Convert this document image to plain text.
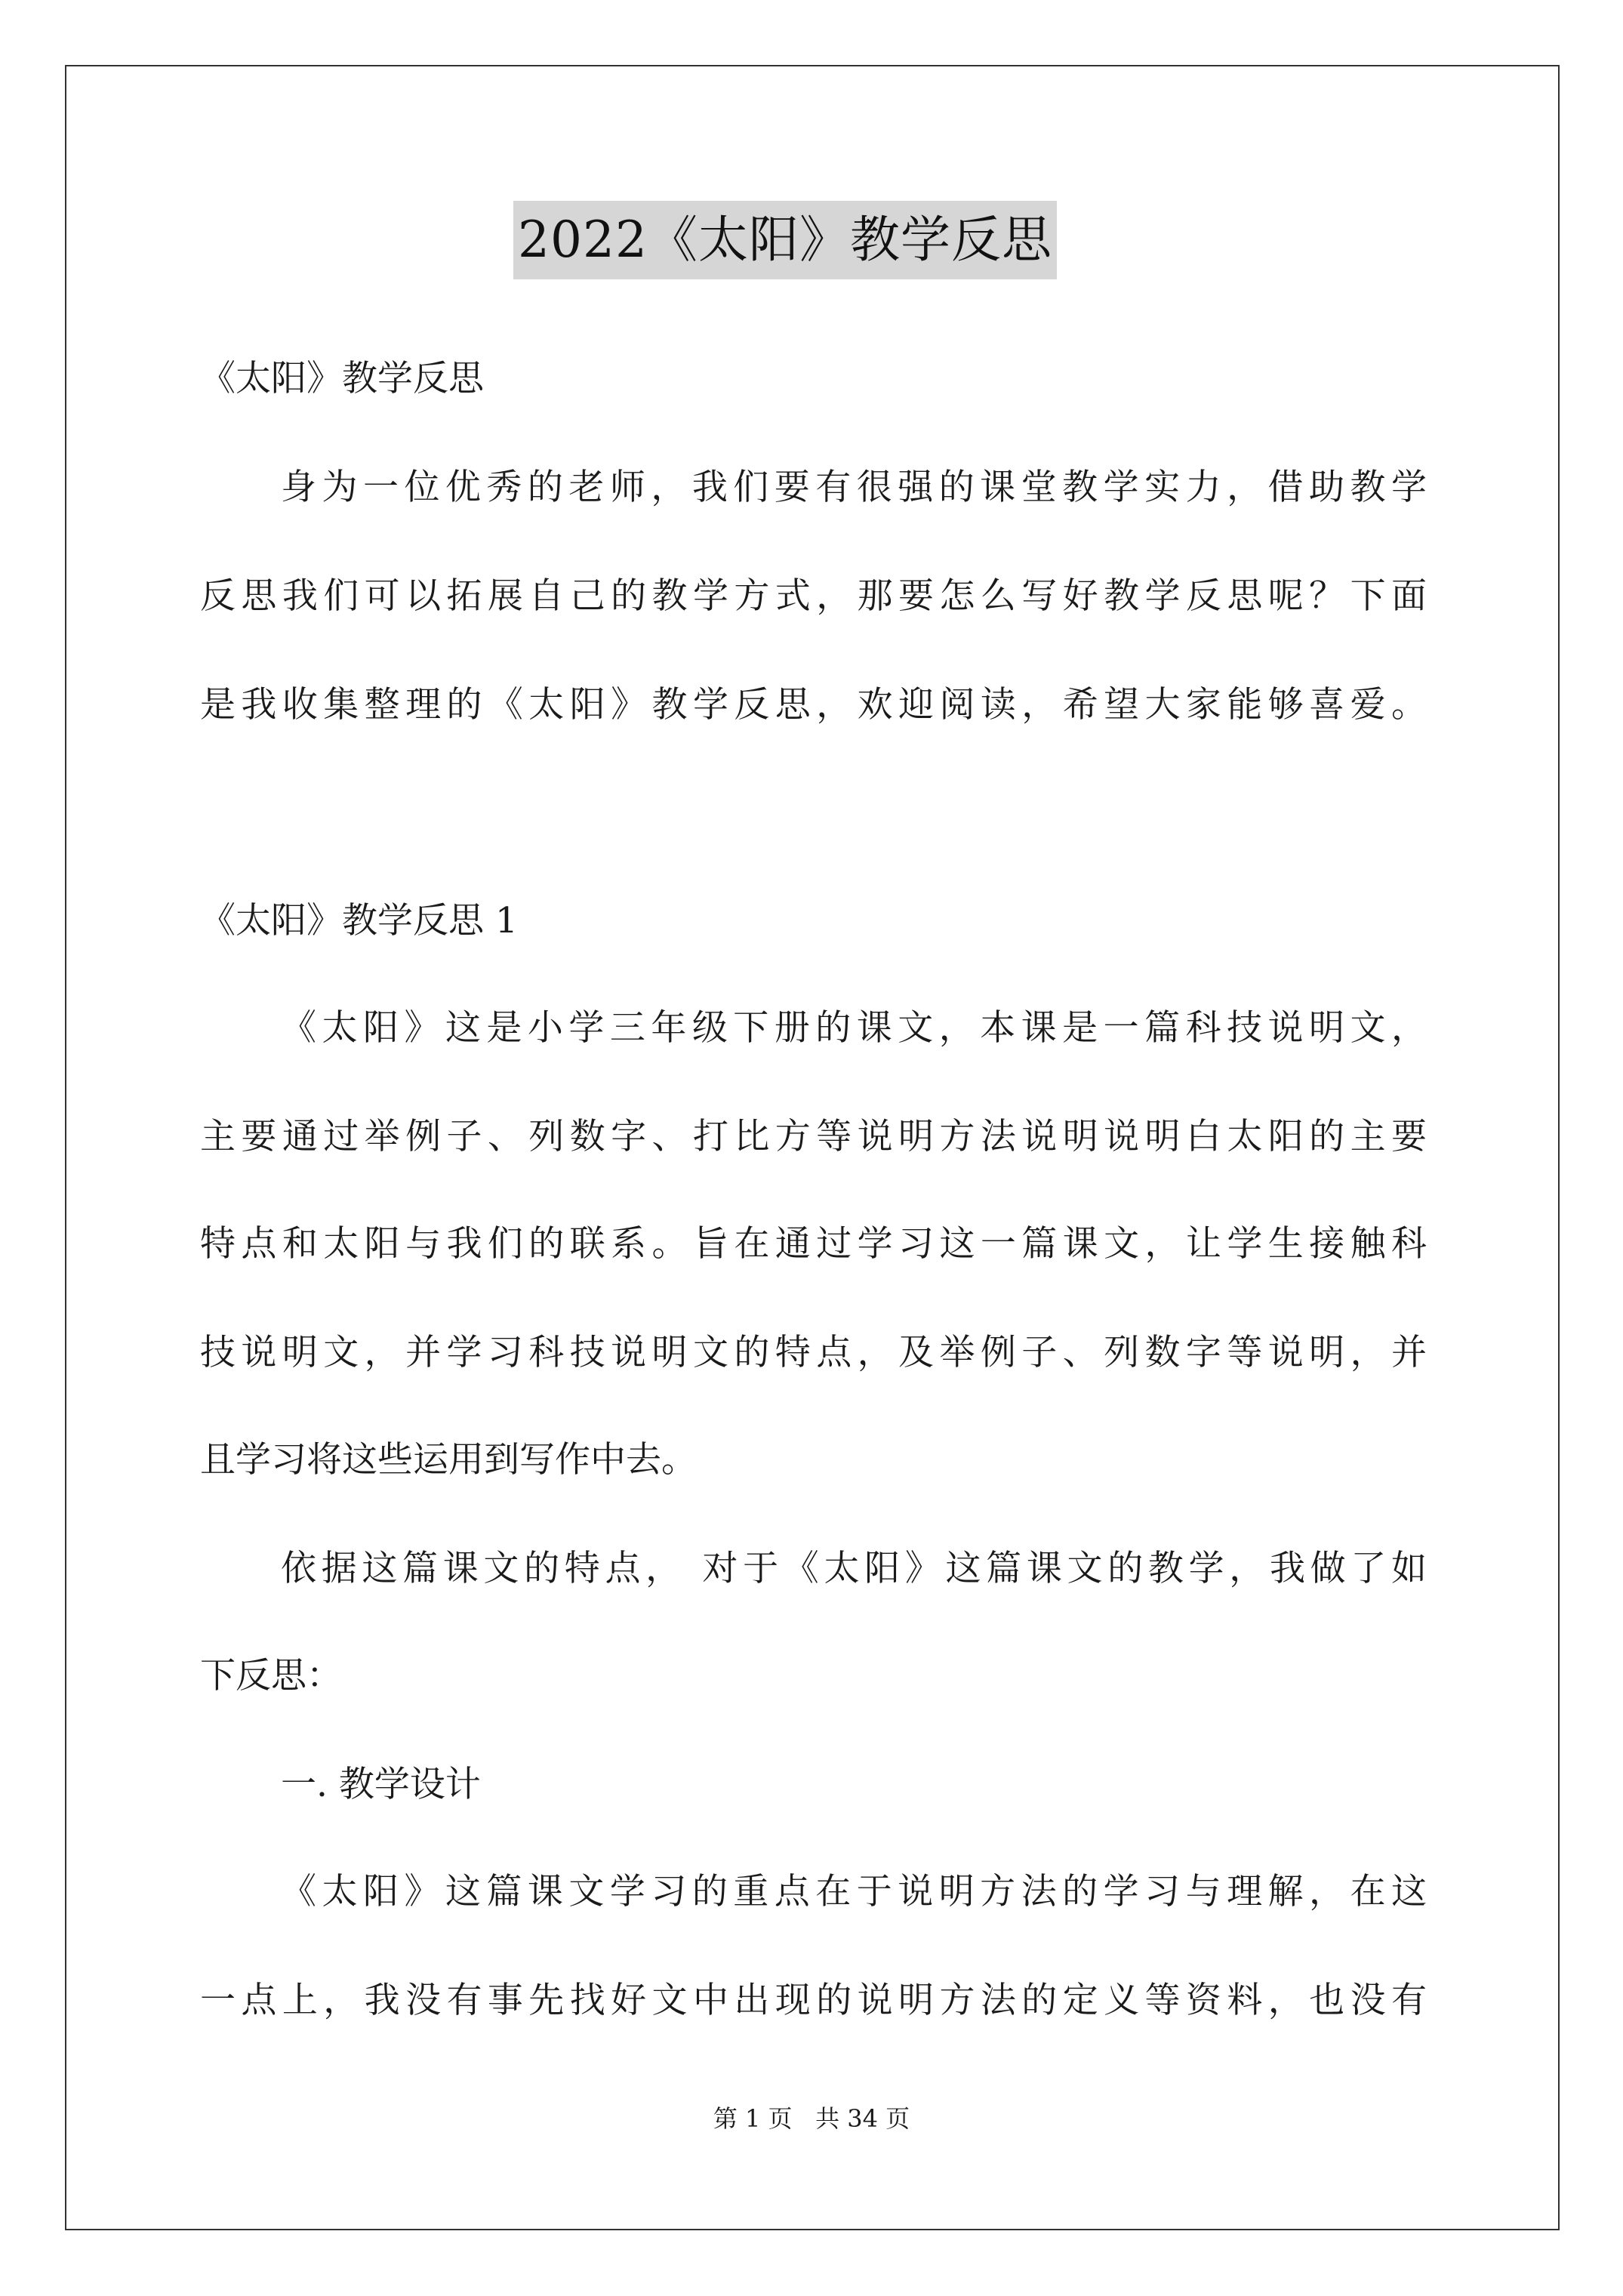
2022《太阳》教学反思
《太阳》教学反思
身为一位优秀的老师，我们要有很强的课堂教学实力，借助教学
反思我们可以拓展自己的教学方式，那要怎么写好教学反思呢？下面
是我收集整理的《太阳》教学反思，欢迎阅读，希望大家能够喜爱。
《太阳》教学反思 1
《太阳》这是小学三年级下册的课文，本课是一篇科技说明文，
主要通过举例子、列数字、打比方等说明方法说明说明白太阳的主要
特点和太阳与我们的联系。旨在通过学习这一篇课文，让学生接触科
技说明文，并学习科技说明文的特点，及举例子、列数字等说明，并
且学习将这些运用到写作中去。
依据这篇课文的特点， 对于《太阳》这篇课文的教学，我做了如
下反思：
一. 教学设计
《太阳》这篇课文学习的重点在于说明方法的学习与理解，在这
一点上，我没有事先找好文中出现的说明方法的定义等资料，也没有
第 1 页   共 34 页
